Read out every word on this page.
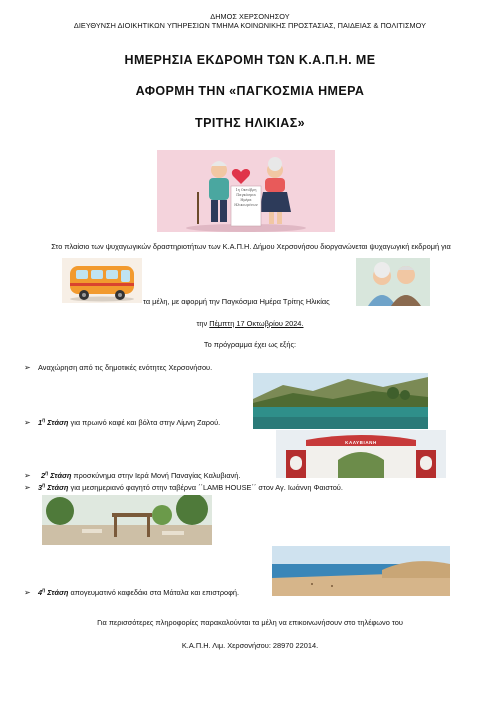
ΔΗΜΟΣ ΧΕΡΣΟΝΗΣΟΥ
ΔΙΕΥΘΥΝΣΗ ΔΙΟΙΚΗΤΙΚΩΝ ΥΠΗΡΕΣΙΩΝ ΤΜΗΜΑ ΚΟΙΝΩΝΙΚΗΣ ΠΡΟΣΤΑΣΙΑΣ, ΠΑΙΔΕΙΑΣ & ΠΟΛΙΤΙΣΜΟΥ
ΗΜΕΡΗΣΙΑ ΕΚΔΡΟΜΗ ΤΩΝ Κ.Α.Π.Η. ΜΕ
ΑΦΟΡΜΗ ΤΗΝ «ΠΑΓΚΟΣΜΙΑ ΗΜΕΡΑ
ΤΡΙΤΗΣ ΗΛΙΚΙΑΣ»
1η Οκτώβρη
Παγκόσμια
Ημέρα
Ηλικιωμένων
Στο πλαίσιο των ψυχαγωγικών δραστηριοτήτων των Κ.Α.Π.Η. Δήμου Χερσονήσου διοργανώνεται ψυχαγωγική εκδρομή για
τα μέλη, με αφορμή την Παγκόσμια Ημέρα Τρίτης Ηλικίας
την Πέμπτη 17 Οκτωβρίου 2024.
Το πρόγραμμα έχει ως εξής:
➢ Αναχώρηση από τις δημοτικές ενότητες Χερσονήσου.
➢ $1^\eta$ Στάση για πρωινό καφέ και βόλτα στην Λίμνη Ζαρού.
ΚΑΛΥΒΙΑΝΗ
➢ $2^\eta$ Στάση προσκύνημα στην Ιερά Μονή Παναγίας Καλυβιανή.
➢ $3^\eta$ Στάση για μεσημεριανό φαγητό στην ταβέρνα ΄΄LAMB HOUSE΄΄ στον Αγ. Ιωάννη Φαιστού.
➢ $4^\eta$ Στάση απογευματινό καφεδάκι στα Μάταλα και επιστροφή.
Για περισσότερες πληροφορίες παρακαλούνται τα μέλη να επικοινωνήσουν στο τηλέφωνο του
Κ.Α.Π.Η. Λιμ. Χερσονήσου: 28970 22014.
